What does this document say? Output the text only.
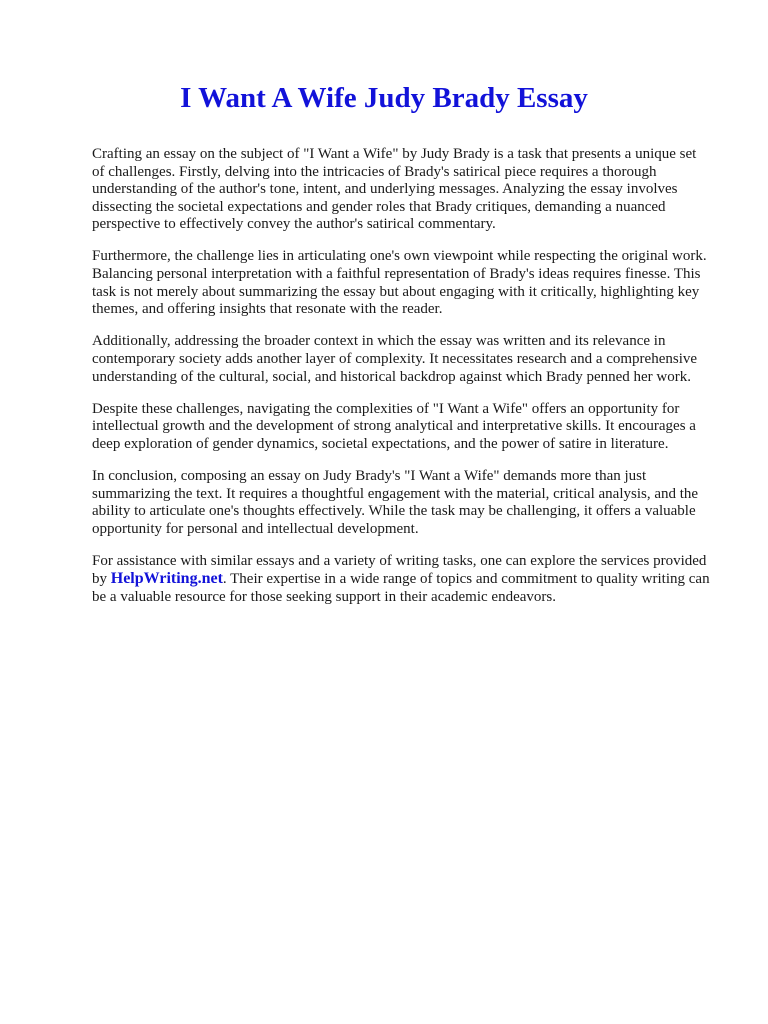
I Want A Wife Judy Brady Essay

Crafting an essay on the subject of "I Want a Wife" by Judy Brady is a task that presents a unique set of challenges. Firstly, delving into the intricacies of Brady's satirical piece requires a thorough understanding of the author's tone, intent, and underlying messages. Analyzing the essay involves dissecting the societal expectations and gender roles that Brady critiques, demanding a nuanced perspective to effectively convey the author's satirical commentary.

Furthermore, the challenge lies in articulating one's own viewpoint while respecting the original work. Balancing personal interpretation with a faithful representation of Brady's ideas requires finesse. This task is not merely about summarizing the essay but about engaging with it critically, highlighting key themes, and offering insights that resonate with the reader.

Additionally, addressing the broader context in which the essay was written and its relevance in contemporary society adds another layer of complexity. It necessitates research and a comprehensive understanding of the cultural, social, and historical backdrop against which Brady penned her work.

Despite these challenges, navigating the complexities of "I Want a Wife" offers an opportunity for intellectual growth and the development of strong analytical and interpretative skills. It encourages a deep exploration of gender dynamics, societal expectations, and the power of satire in literature.

In conclusion, composing an essay on Judy Brady's "I Want a Wife" demands more than just summarizing the text. It requires a thoughtful engagement with the material, critical analysis, and the ability to articulate one's thoughts effectively. While the task may be challenging, it offers a valuable opportunity for personal and intellectual development.

For assistance with similar essays and a variety of writing tasks, one can explore the services provided by HelpWriting.net. Their expertise in a wide range of topics and commitment to quality writing can be a valuable resource for those seeking support in their academic endeavors.
